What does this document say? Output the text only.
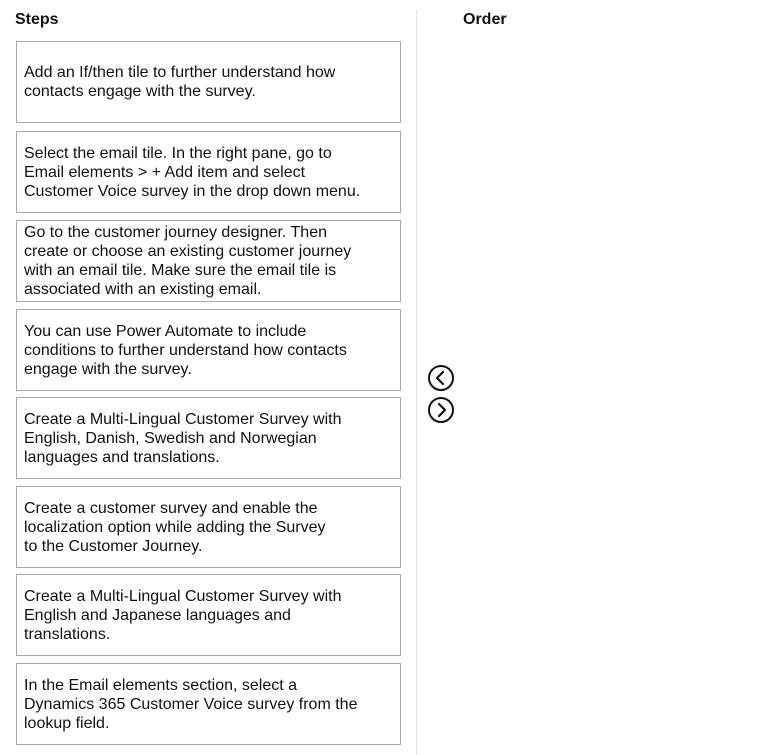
Steps	Order
Add an If/then tile to further understand how
contacts engage with the survey.
Select the email tile. In the right pane, go to
Email elements > + Add item and select
Customer Voice survey in the drop down menu.
Go to the customer journey designer. Then
create or choose an existing customer journey
with an email tile. Make sure the email tile is
associated with an existing email.
You can use Power Automate to include
conditions to further understand how contacts
engage with the survey.
Create a Multi-Lingual Customer Survey with
English, Danish, Swedish and Norwegian
languages and translations.
Create a customer survey and enable the
localization option while adding the Survey
to the Customer Journey.
Create a Multi-Lingual Customer Survey with
English and Japanese languages and
translations.
In the Email elements section, select a
Dynamics 365 Customer Voice survey from the
lookup field.
